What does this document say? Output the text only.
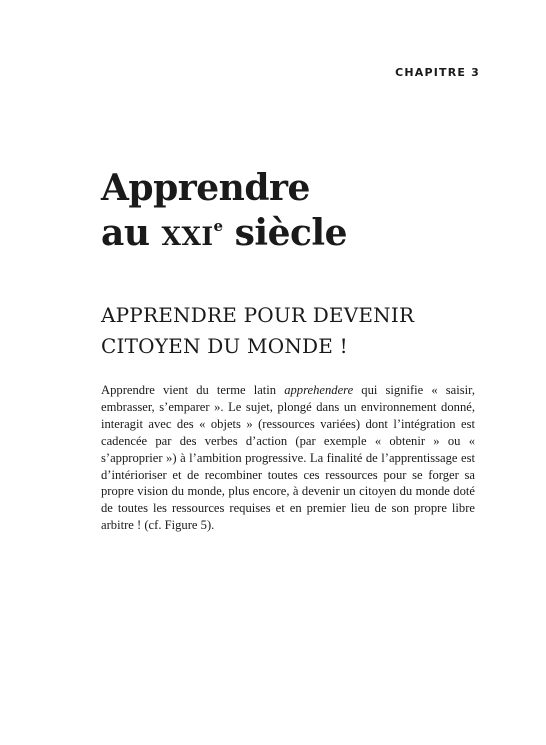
CHAPITRE 3
Apprendre
au xxi$^e$ siècle
APPRENDRE POUR DEVENIR
CITOYEN DU MONDE !

Apprendre vient du terme latin apprehendere qui signifie « saisir, embrasser, s’emparer ». Le sujet, plongé dans un environnement donné, interagit avec des « objets » (ressources variées) dont l’intégration est cadencée par des verbes d’action (par exemple « obtenir » ou « s’approprier ») à l’ambition progressive. La finalité de l’apprentissage est d’intérioriser et de recombiner toutes ces ressources pour se forger sa propre vision du monde, plus encore, à devenir un citoyen du monde doté de toutes les ressources requises et en premier lieu de son propre libre arbitre ! (cf. Figure 5).
